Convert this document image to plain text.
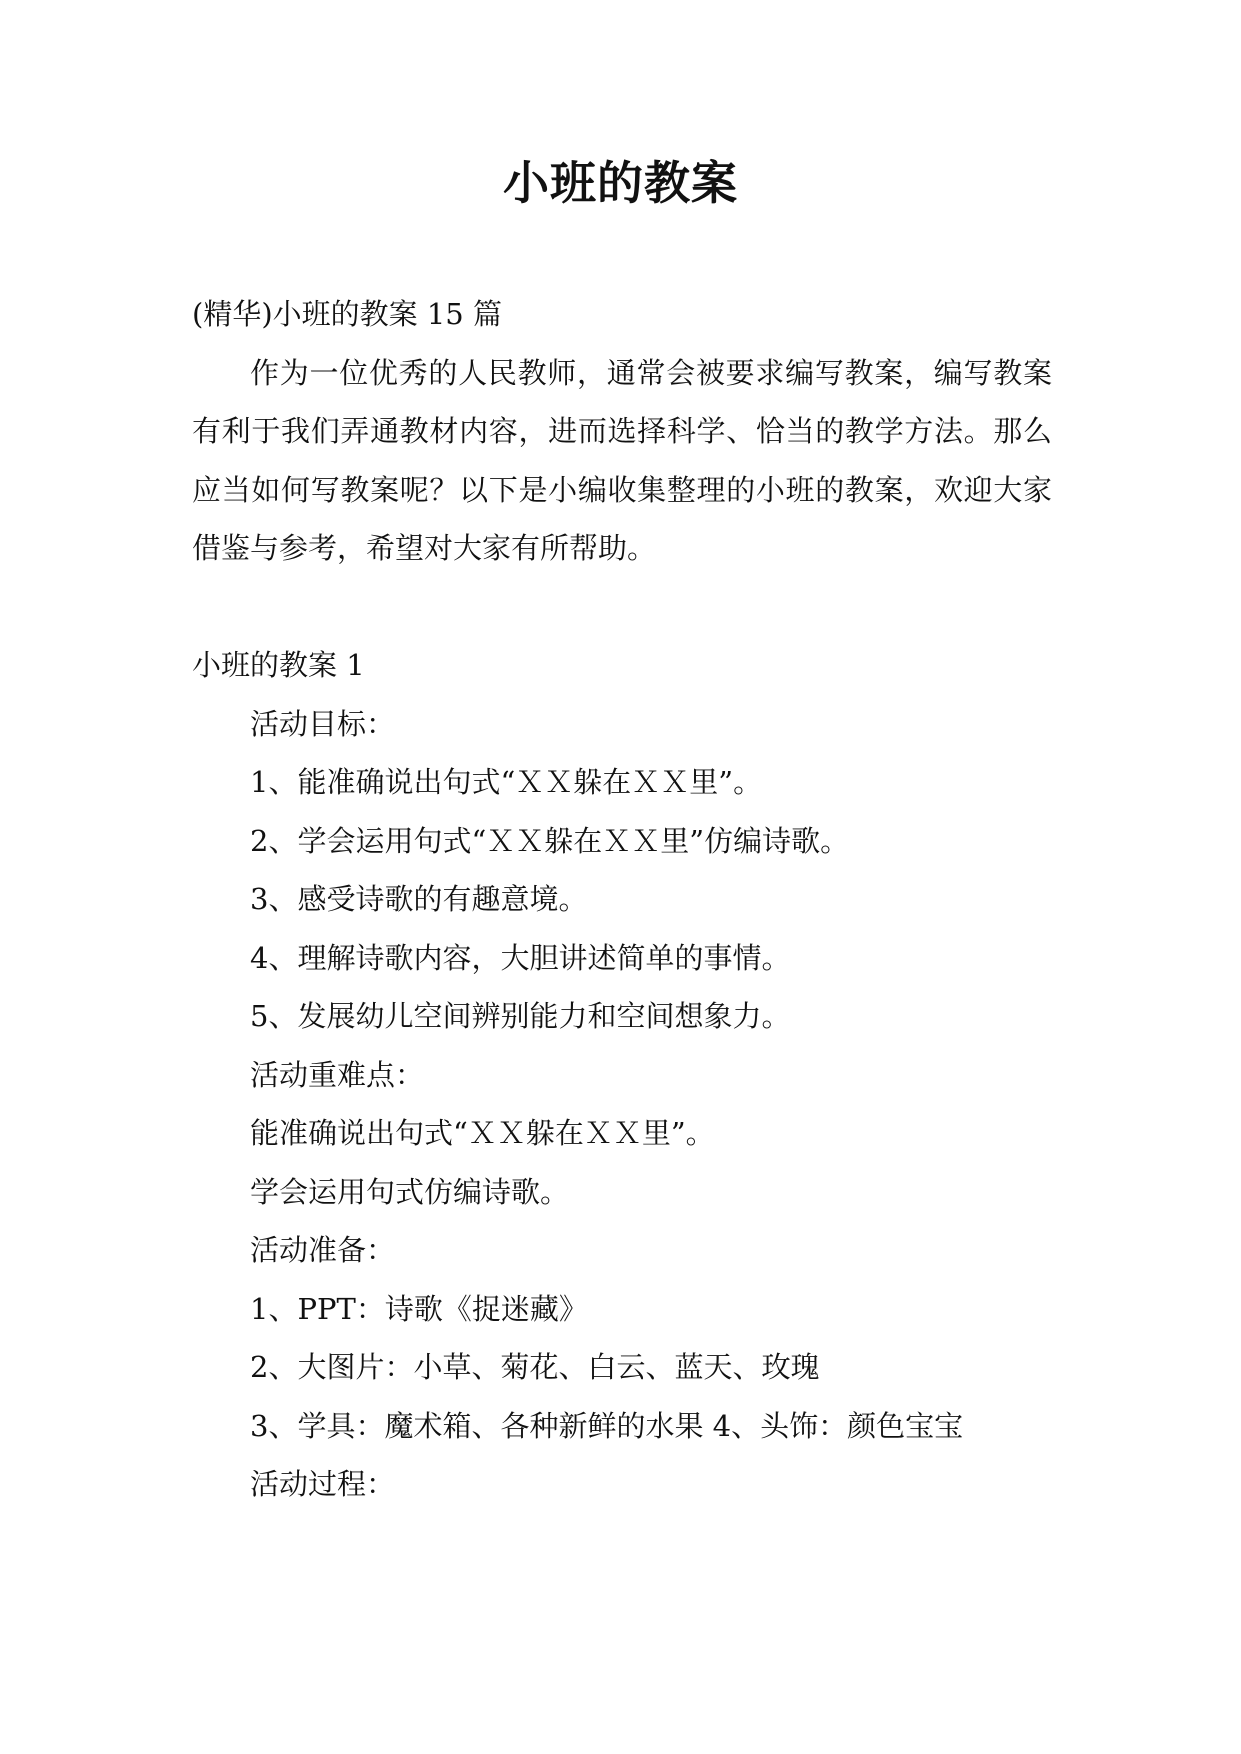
小班的教案

(精华)小班的教案 15 篇

作为一位优秀的人民教师，通常会被要求编写教案，编写教案有利于我们弄通教材内容，进而选择科学、恰当的教学方法。那么应当如何写教案呢？以下是小编收集整理的小班的教案，欢迎大家借鉴与参考，希望对大家有所帮助。

小班的教案 1

活动目标：

1、能准确说出句式“ＸＸ躲在ＸＸ里”。

2、学会运用句式“ＸＸ躲在ＸＸ里”仿编诗歌。

3、感受诗歌的有趣意境。

4、理解诗歌内容，大胆讲述简单的事情。

5、发展幼儿空间辨别能力和空间想象力。

活动重难点：

能准确说出句式“ＸＸ躲在ＸＸ里”。

学会运用句式仿编诗歌。

活动准备：

1、PPT：诗歌《捉迷藏》

2、大图片：小草、菊花、白云、蓝天、玫瑰

3、学具：魔术箱、各种新鲜的水果 4、头饰：颜色宝宝

活动过程：
